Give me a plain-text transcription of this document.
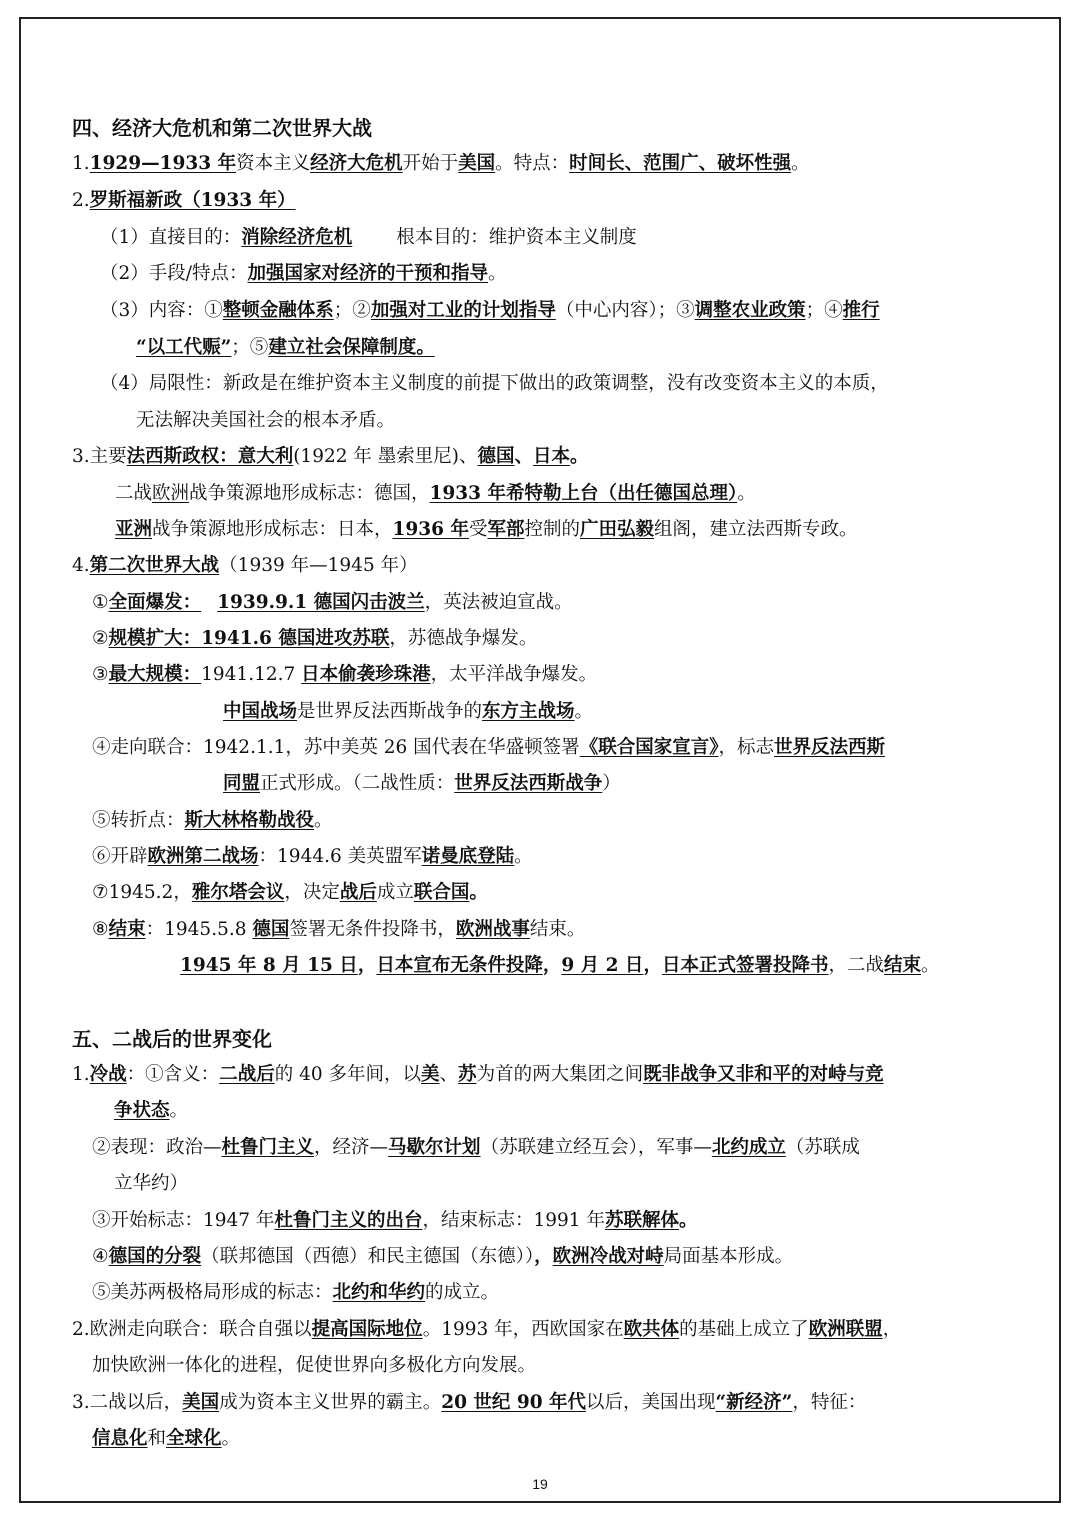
四、经济大危机和第二次世界大战
1.1929—1933 年资本主义经济大危机开始于美国。特点：时间长、范围广、破坏性强。
2.罗斯福新政（1933 年）
（1）直接目的：消除经济危机 根本目的：维护资本主义制度
（2）手段/特点：加强国家对经济的干预和指导。
（3）内容：①整顿金融体系；②加强对工业的计划指导（中心内容）；③调整农业政策；④推行
“以工代赈”；⑤建立社会保障制度。
（4）局限性：新政是在维护资本主义制度的前提下做出的政策调整，没有改变资本主义的本质，
无法解决美国社会的根本矛盾。
3.主要法西斯政权：意大利(1922 年 墨索里尼)、德国、日本。
二战欧洲战争策源地形成标志：德国，1933 年希特勒上台（出任德国总理）。
亚洲战争策源地形成标志：日本，1936 年受军部控制的广田弘毅组阁，建立法西斯专政。
4.第二次世界大战（1939 年—1945 年）
①全面爆发： 1939.9.1 德国闪击波兰，英法被迫宣战。
②规模扩大：1941.6 德国进攻苏联，苏德战争爆发。
③最大规模：1941.12.7 日本偷袭珍珠港，太平洋战争爆发。
中国战场是世界反法西斯战争的东方主战场。
④走向联合：1942.1.1，苏中美英 26 国代表在华盛顿签署《联合国家宣言》，标志世界反法西斯
同盟正式形成。（二战性质：世界反法西斯战争）
⑤转折点：斯大林格勒战役。
⑥开辟欧洲第二战场：1944.6 美英盟军诺曼底登陆。
⑦1945.2，雅尔塔会议，决定战后成立联合国。
⑧结束：1945.5.8 德国签署无条件投降书，欧洲战事结束。
1945 年 8 月 15 日，日本宣布无条件投降，9 月 2 日，日本正式签署投降书，二战结束。
五、二战后的世界变化
1.冷战：①含义：二战后的 40 多年间，以美、苏为首的两大集团之间既非战争又非和平的对峙与竞
争状态。
②表现：政治—杜鲁门主义，经济—马歇尔计划（苏联建立经互会），军事—北约成立（苏联成
立华约）
③开始标志：1947 年杜鲁门主义的出台，结束标志：1991 年苏联解体。
④德国的分裂（联邦德国（西德）和民主德国（东德）），欧洲冷战对峙局面基本形成。
⑤美苏两极格局形成的标志：北约和华约的成立。
2.欧洲走向联合：联合自强以提高国际地位。1993 年，西欧国家在欧共体的基础上成立了欧洲联盟，
加快欧洲一体化的进程，促使世界向多极化方向发展。
3.二战以后，美国成为资本主义世界的霸主。20 世纪 90 年代以后，美国出现“新经济”，特征：
信息化和全球化。
19
